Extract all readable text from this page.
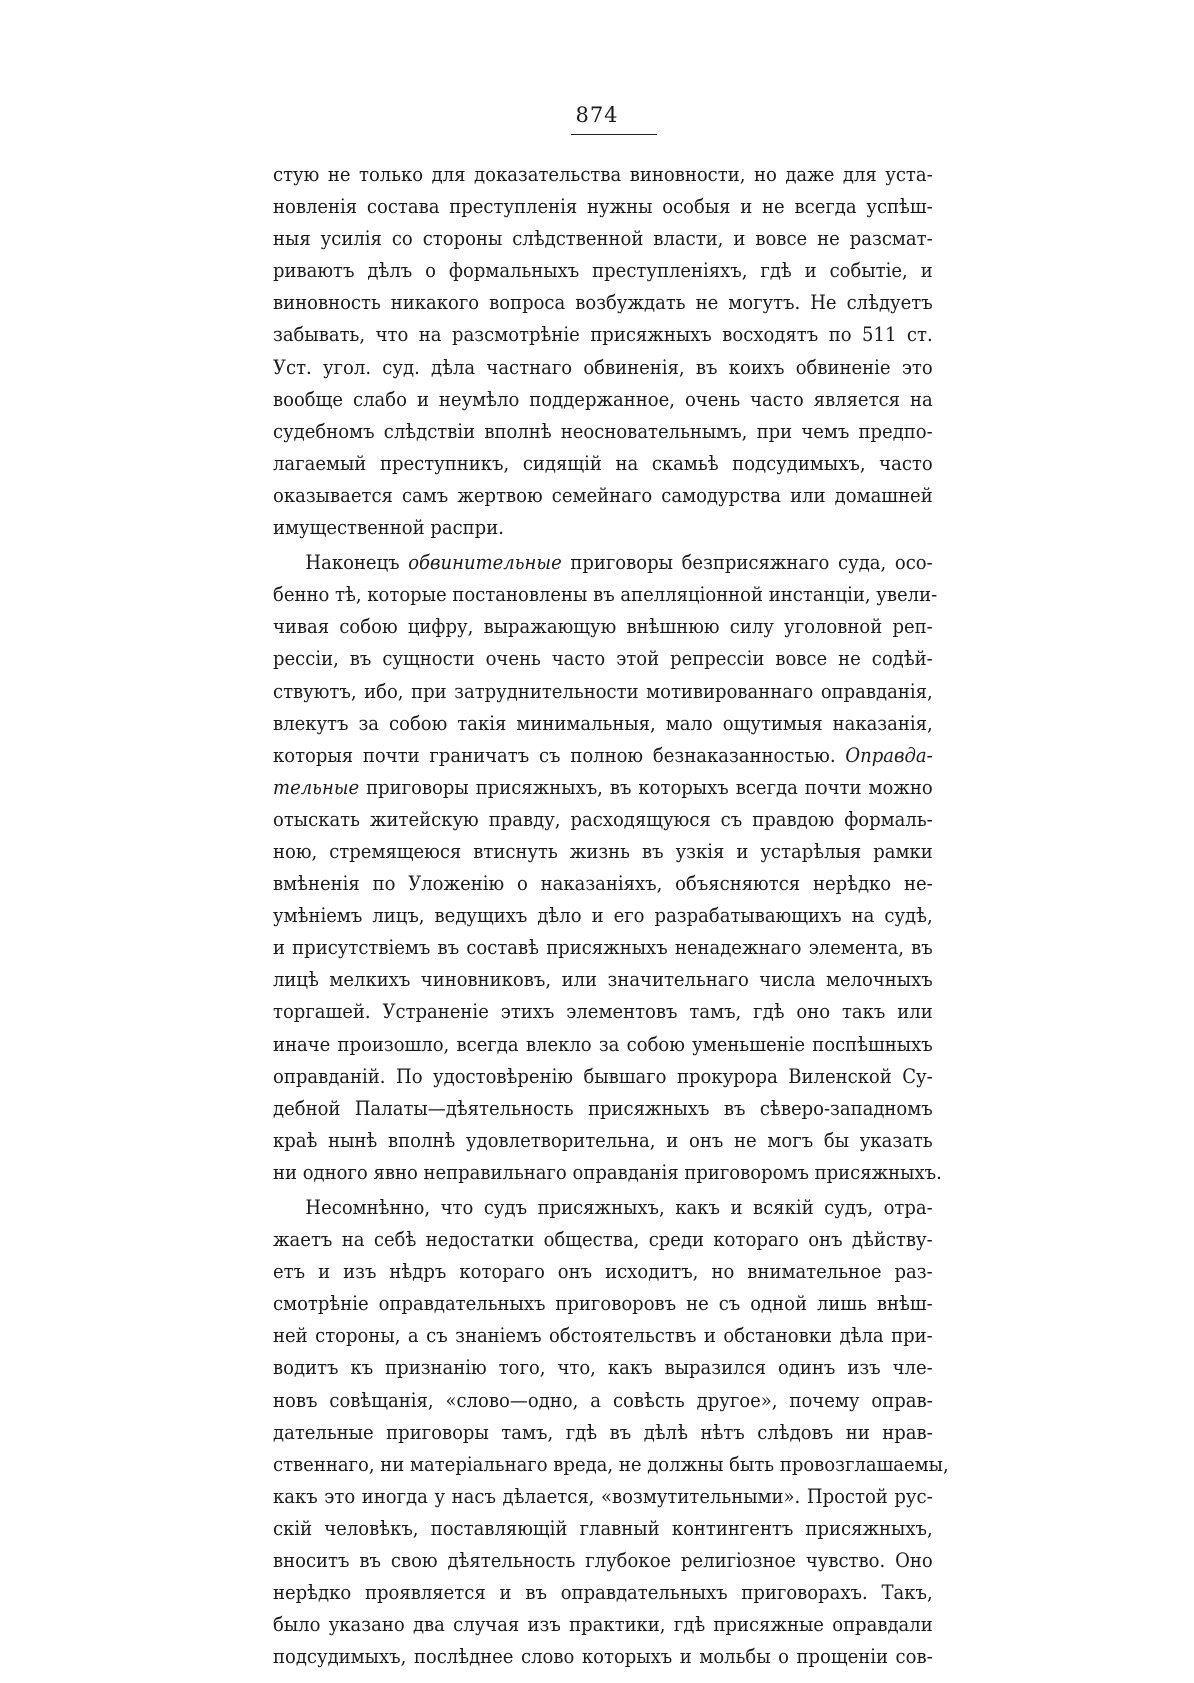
874
стую не только для доказательства виновности, но даже для уста-
новленія состава преступленія нужны особыя и не всегда успѣш-
ныя усилія со стороны слѣдственной власти, и вовсе не разсмат-
риваютъ дѣлъ о формальныхъ преступленіяхъ, гдѣ и событіе, и
виновность никакого вопроса возбуждать не могутъ. Не слѣдуетъ
забывать, что на разсмотрѣніе присяжныхъ восходятъ по 511 ст.
Уст. угол. суд. дѣла частнаго обвиненія, въ коихъ обвиненіе это
вообще слабо и неумѣло поддержанное, очень часто является на
судебномъ слѣдствіи вполнѣ неосновательнымъ, при чемъ предпо-
лагаемый преступникъ, сидящій на скамьѣ подсудимыхъ, часто
оказывается самъ жертвою семейнаго самодурства или домашней
имущественной распри.
Наконецъ обвинительные приговоры безприсяжнаго суда, осо-
бенно тѣ, которые постановлены въ апелляціонной инстанціи, увели-
чивая собою цифру, выражающую внѣшнюю силу уголовной реп-
рессіи, въ сущности очень часто этой репрессіи вовсе не содѣй-
ствуютъ, ибо, при затруднительности мотивированнаго оправданія,
влекутъ за собою такія минимальныя, мало ощутимыя наказанія,
которыя почти граничатъ съ полною безнаказанностью. Оправда-
тельные приговоры присяжныхъ, въ которыхъ всегда почти можно
отыскать житейскую правду, расходящуюся съ правдою формаль-
ною, стремящеюся втиснуть жизнь въ узкія и устарѣлыя рамки
вмѣненія по Уложенію о наказаніяхъ, объясняются нерѣдко не-
умѣніемъ лицъ, ведущихъ дѣло и его разрабатывающихъ на судѣ,
и присутствіемъ въ составѣ присяжныхъ ненадежнаго элемента, въ
лицѣ мелкихъ чиновниковъ, или значительнаго числа мелочныхъ
торгашей. Устраненіе этихъ элементовъ тамъ, гдѣ оно такъ или
иначе произошло, всегда влекло за собою уменьшеніе поспѣшныхъ
оправданій. По удостовѣренію бывшаго прокурора Виленской Су-
дебной Палаты—дѣятельность присяжныхъ въ сѣверо-западномъ
краѣ нынѣ вполнѣ удовлетворительна, и онъ не могъ бы указать
ни одного явно неправильнаго оправданія приговоромъ присяжныхъ.
Несомнѣнно, что судъ присяжныхъ, какъ и всякій судъ, отра-
жаетъ на себѣ недостатки общества, среди котораго онъ дѣйству-
етъ и изъ нѣдръ котораго онъ исходитъ, но внимательное раз-
смотрѣніе оправдательныхъ приговоровъ не съ одной лишь внѣш-
ней стороны, а съ знаніемъ обстоятельствъ и обстановки дѣла при-
водитъ къ признанію того, что, какъ выразился одинъ изъ чле-
новъ совѣщанія, «слово—одно, а совѣсть другое», почему оправ-
дательные приговоры тамъ, гдѣ въ дѣлѣ нѣтъ слѣдовъ ни нрав-
ственнаго, ни матеріальнаго вреда, не должны быть провозглашаемы,
какъ это иногда у насъ дѣлается, «возмутительными». Простой рус-
скій человѣкъ, поставляющій главный контингентъ присяжныхъ,
вноситъ въ свою дѣятельность глубокое религіозное чувство. Оно
нерѣдко проявляется и въ оправдательныхъ приговорахъ. Такъ,
было указано два случая изъ практики, гдѣ присяжные оправдали
подсудимыхъ, послѣднее слово которыхъ и мольбы о прощеніи сов-
